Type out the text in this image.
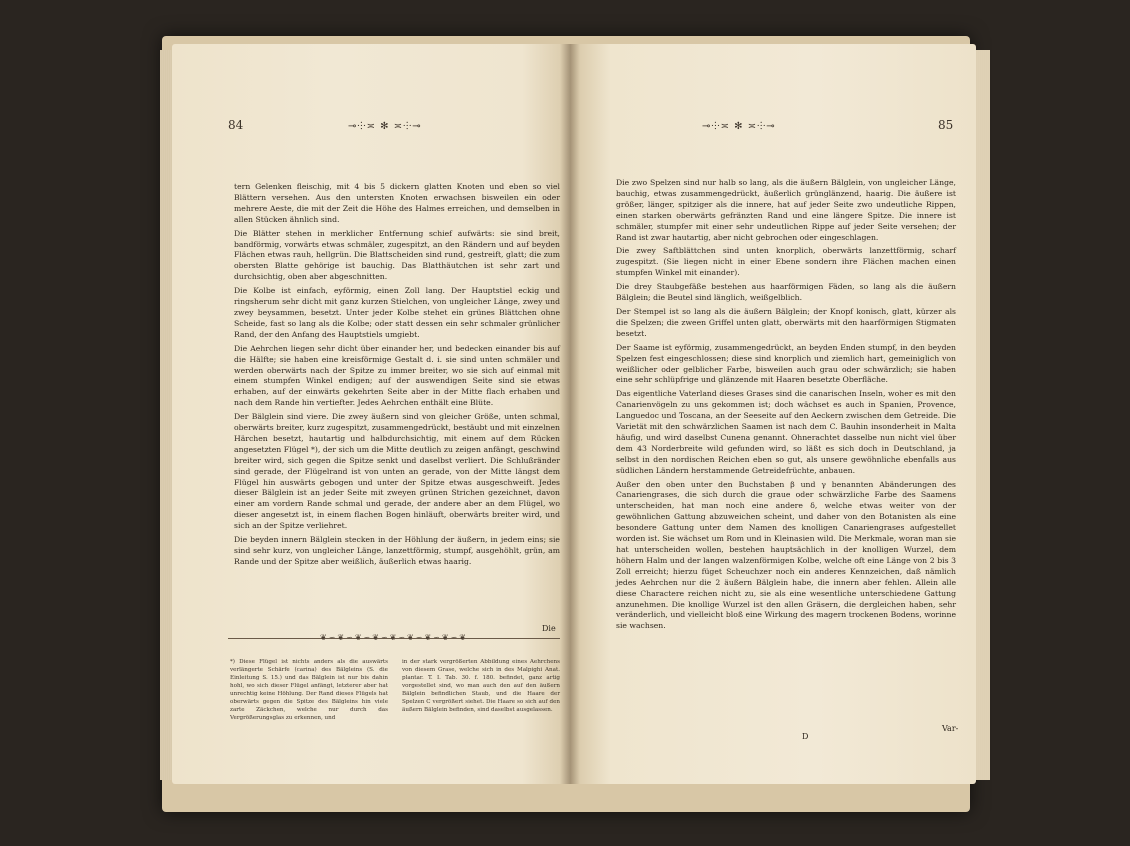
84	⊸⸭≍ ✻ ≍⸭⊸

tern Gelenken fleischig, mit 4 bis 5 dickern glatten Knoten und eben so viel Blättern versehen. Aus den untersten Knoten erwachsen bisweilen ein oder mehrere Aeste, die mit der Zeit die Höhe des Halmes erreichen, und demselben in allen Stücken ähnlich sind.

Die Blätter stehen in merklicher Entfernung schief aufwärts: sie sind breit, bandförmig, vorwärts etwas schmäler, zugespitzt, an den Rändern und auf beyden Flächen etwas rauh, hellgrün. Die Blattscheiden sind rund, gestreift, glatt; die zum obersten Blatte gehörige ist bauchig. Das Blatthäutchen ist sehr zart und durchsichtig, oben aber abgeschnitten.

Die Kolbe ist einfach, eyförmig, einen Zoll lang. Der Hauptstiel eckig und ringsherum sehr dicht mit ganz kurzen Stielchen, von ungleicher Länge, zwey und zwey beysammen, besetzt. Unter jeder Kolbe stehet ein grünes Blättchen ohne Scheide, fast so lang als die Kolbe; oder statt dessen ein sehr schmaler grünlicher Rand, der den Anfang des Hauptstiels umgiebt.

Die Aehrchen liegen sehr dicht über einander her, und bedecken einander bis auf die Hälfte; sie haben eine kreisförmige Gestalt d. i. sie sind unten schmäler und werden oberwärts nach der Spitze zu immer breiter, wo sie sich auf einmal mit einem stumpfen Winkel endigen; auf der auswendigen Seite sind sie etwas erhaben, auf der einwärts gekehrten Seite aber in der Mitte flach erhaben und nach dem Rande hin vertiefter. Jedes Aehrchen enthält eine Blüte.

Der Bälglein sind viere. Die zwey äußern sind von gleicher Größe, unten schmal, oberwärts breiter, kurz zugespitzt, zusammengedrückt, bestäubt und mit einzelnen Härchen besetzt, hautartig und halbdurchsichtig, mit einem auf dem Rücken angesetzten Flügel *), der sich um die Mitte deutlich zu zeigen anfängt, geschwind breiter wird, sich gegen die Spitze senkt und daselbst verliert. Die Schlußränder sind gerade, der Flügelrand ist von unten an gerade, von der Mitte längst dem Flügel hin auswärts gebogen und unter der Spitze etwas ausgeschweift. Jedes dieser Bälglein ist an jeder Seite mit zweyen grünen Strichen gezeichnet, davon einer am vordern Rande schmal und gerade, der andere aber an dem Flügel, wo dieser angesetzt ist, in einem flachen Bogen hinläuft, oberwärts breiter wird, und sich an der Spitze verliehret.

Die beyden innern Bälglein stecken in der Höhlung der äußern, in jedem eins; sie sind sehr kurz, von ungleicher Länge, lanzettförmig, stumpf, ausgehöhlt, grün, am Rande und der Spitze aber weißlich, äußerlich etwas haarig.

Die
❦∽❦∽❦∽❦∽❦∽❦∽❦∽❦∽❦
*) Diese Flügel ist nichts anders als die auswärts verlängerte Schärfe (carina) des Bälgleins (S. die Einleitung S. 15.) und das Bälglein ist nur bis dahin hohl, wo sich dieser Flügel anfängt, letzterer aber hat unrechtig keine Höhlung. Der Rand dieses Flügels hat oberwärts gegen die Spitze des Bälgleins hin viele zarte Zäckchen, welche nur durch das Vergrößerungsglas zu erkennen, und
in der stark vergrößerten Abbildung eines Aehrchens von diesem Grase, welche sich in des Malpighi Anat. plantar. T. I. Tab. 30. f. 180. befindet, ganz artig vorgestellet sind, wo man auch den auf den äußern Bälglein befindlichen Staub, und die Haare der Spelzen C vergrößert siehet. Die Haare so sich auf den äußern Bälglein befinden, sind daselbst ausgelassen.
⊸⸭≍ ✻ ≍⸭⊸	85

Die zwo Spelzen sind nur halb so lang, als die äußern Bälglein, von ungleicher Länge, bauchig, etwas zusammengedrückt, äußerlich grünglänzend, haarig. Die äußere ist größer, länger, spitziger als die innere, hat auf jeder Seite zwo undeutliche Rippen, einen starken oberwärts gefränzten Rand und eine längere Spitze. Die innere ist schmäler, stumpfer mit einer sehr undeutlichen Rippe auf jeder Seite versehen; der Rand ist zwar hautartig, aber nicht gebrochen oder eingeschlagen.

Die zwey Saftblättchen sind unten knorplich, oberwärts lanzettförmig, scharf zugespitzt. (Sie liegen nicht in einer Ebene sondern ihre Flächen machen einen stumpfen Winkel mit einander).

Die drey Staubgefäße bestehen aus haarförmigen Fäden, so lang als die äußern Bälglein; die Beutel sind länglich, weißgelblich.

Der Stempel ist so lang als die äußern Bälglein; der Knopf konisch, glatt, kürzer als die Spelzen; die zween Griffel unten glatt, oberwärts mit den haarförmigen Stigmaten besetzt.

Der Saame ist eyförmig, zusammengedrückt, an beyden Enden stumpf, in den beyden Spelzen fest eingeschlossen; diese sind knorplich und ziemlich hart, gemeiniglich von weißlicher oder gelblicher Farbe, bisweilen auch grau oder schwärzlich; sie haben eine sehr schlüpfrige und glänzende mit Haaren besetzte Oberfläche.

Das eigentliche Vaterland dieses Grases sind die canarischen Inseln, woher es mit den Canarienvögeln zu uns gekommen ist; doch wächset es auch in Spanien, Provence, Languedoc und Toscana, an der Seeseite auf den Aeckern zwischen dem Getreide. Die Varietät mit den schwärzlichen Saamen ist nach dem C. Bauhin insonderheit in Malta häufig, und wird daselbst Cunena genannt. Ohnerachtet dasselbe nun nicht viel über dem 43 Norderbreite wild gefunden wird, so läßt es sich doch in Deutschland, ja selbst in den nordischen Reichen eben so gut, als unsere gewöhnliche ebenfalls aus südlichen Ländern herstammende Getreidefrüchte, anbauen.

Außer den oben unter den Buchstaben β und γ benannten Abänderungen des Canariengrases, die sich durch die graue oder schwärzliche Farbe des Saamens unterscheiden, hat man noch eine andere δ, welche etwas weiter von der gewöhnlichen Gattung abzuweichen scheint, und daher von den Botanisten als eine besondere Gattung unter dem Namen des knolligen Canariengrases aufgestellet worden ist. Sie wächset um Rom und in Kleinasien wild. Die Merkmale, woran man sie hat unterscheiden wollen, bestehen hauptsächlich in der knolligen Wurzel, dem höhern Halm und der langen walzenförmigen Kolbe, welche oft eine Länge von 2 bis 3 Zoll erreicht; hierzu füget Scheuchzer noch ein anderes Kennzeichen, daß nämlich jedes Aehrchen nur die 2 äußern Bälglein habe, die innern aber fehlen. Allein alle diese Charactere reichen nicht zu, sie als eine wesentliche unterschiedene Gattung anzunehmen. Die knollige Wurzel ist den allen Gräsern, die dergleichen haben, sehr veränderlich, und vielleicht bloß eine Wirkung des magern trockenen Bodens, worinne sie wachsen.

D
Var-
